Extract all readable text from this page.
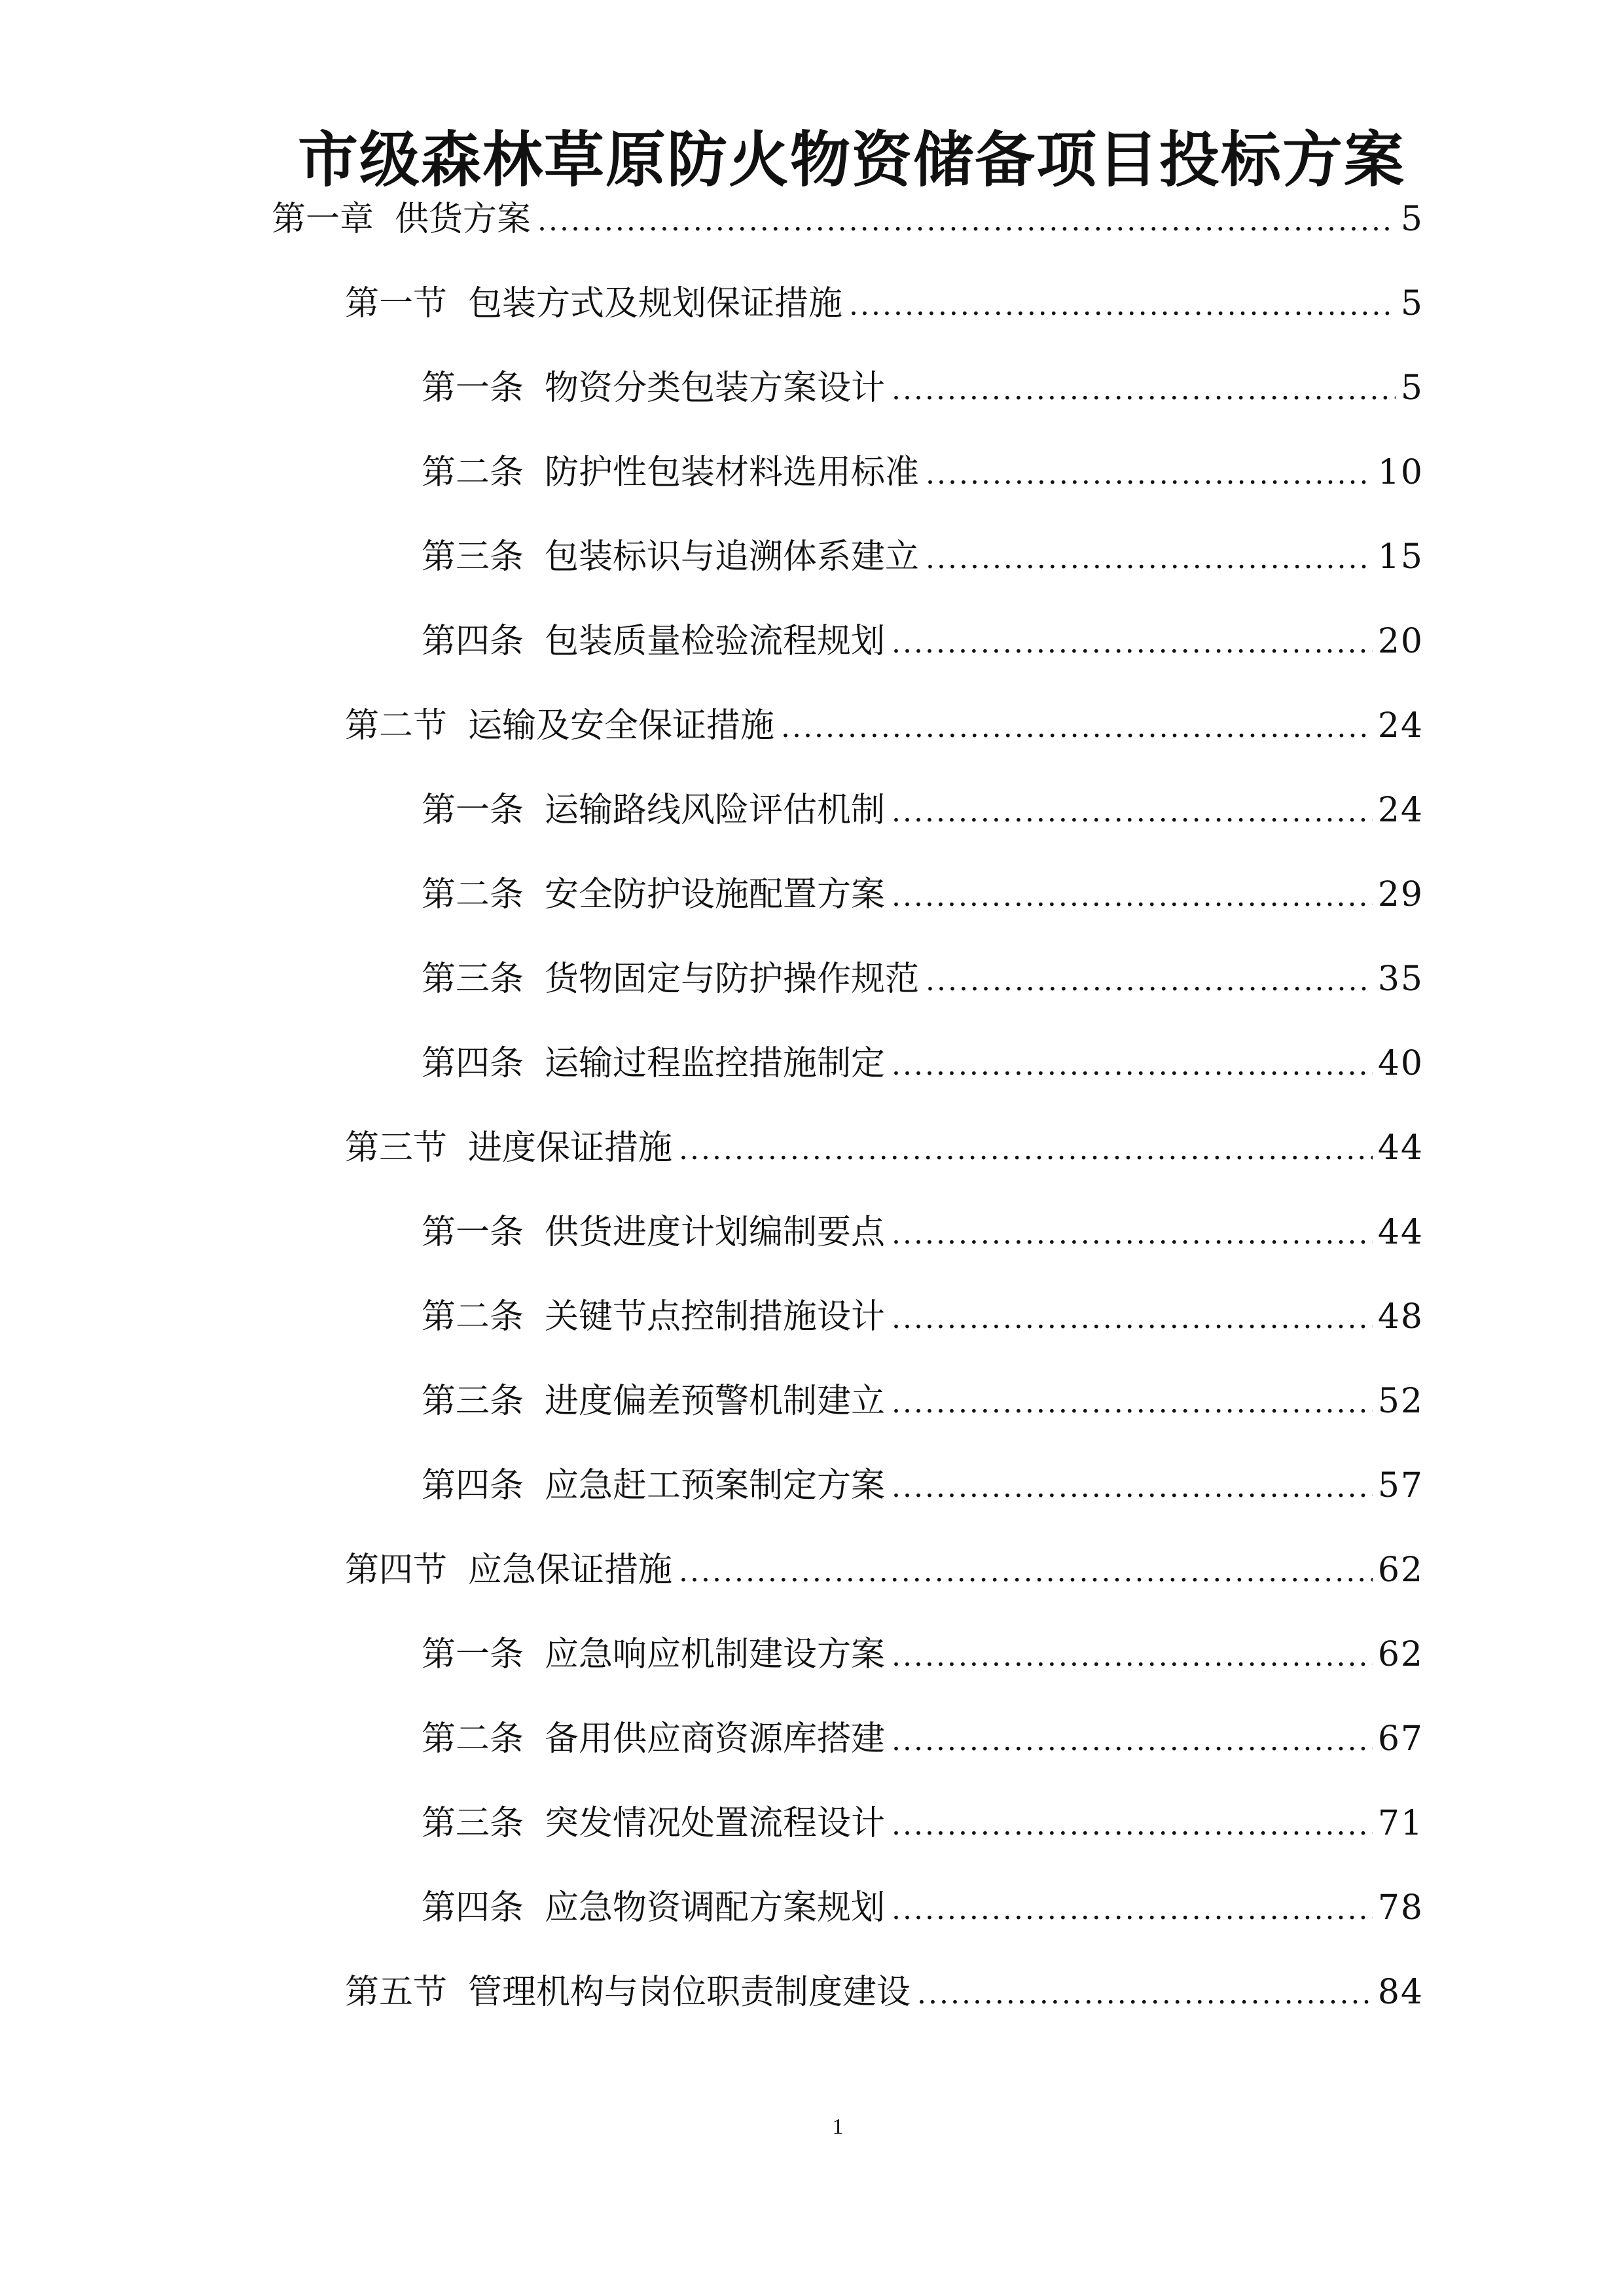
市级森林草原防火物资储备项目投标方案
第一章 供货方案 .....	5
第一节 包装方式及规划保证措施 .....	5
第一条 物资分类包装方案设计 .....	5
第二条 防护性包装材料选用标准 .....	10
第三条 包装标识与追溯体系建立 .....	15
第四条 包装质量检验流程规划 .....	20
第二节 运输及安全保证措施 .....	24
第一条 运输路线风险评估机制 .....	24
第二条 安全防护设施配置方案 .....	29
第三条 货物固定与防护操作规范 .....	35
第四条 运输过程监控措施制定 .....	40
第三节 进度保证措施 .....	44
第一条 供货进度计划编制要点 .....	44
第二条 关键节点控制措施设计 .....	48
第三条 进度偏差预警机制建立 .....	52
第四条 应急赶工预案制定方案 .....	57
第四节 应急保证措施 .....	62
第一条 应急响应机制建设方案 .....	62
第二条 备用供应商资源库搭建 .....	67
第三条 突发情况处置流程设计 .....	71
第四条 应急物资调配方案规划 .....	78
第五节 管理机构与岗位职责制度建设 .....	84
1
